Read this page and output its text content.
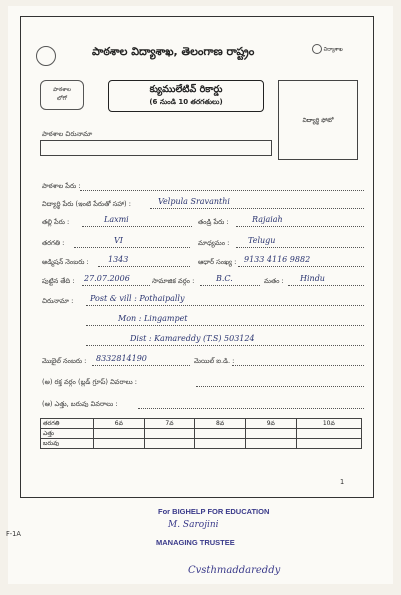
పాఠశాల విద్యాశాఖ, తెలంగాణ రాష్ట్రం	విద్యాశాఖ
పాఠశాల
లోగో
క్యుములేటివ్ రికార్డు
(6 నుండి 10 తరగతులు)
విద్యార్థి ఫోటో
పాఠశాల చిరునామా
పాఠశాల పేరు :
విద్యార్థి పేరు (ఇంటి పేరుతో సహా) :	Velpula Sravanthi
తల్లి పేరు :	Laxmi	తండ్రి పేరు :	Rajaiah
తరగతి :	VI	మాధ్యమం : Telugu
అడ్మిషన్ నెంబరు : 1343	ఆధార్ సంఖ్య : 9133 4116 9882
పుట్టిన తేది : 27.07.2006	సామాజిక వర్గం :	B.C.	మతం : Hindu
చిరునామా : Post & vill : Pothaipally
Mon : Lingampet
Dist : Kamareddy (T.S) 503124
మొబైల్ నంబరు : 8332814190	మెయిల్ ఐ.డి. :
(అ) రక్త వర్గం (బ్లడ్ గ్రూప్) వివరాలు :
(ఆ) ఎత్తు, బరువు వివరాలు :
తరగతి	6వ	7వ	8వ	9వ	10వ
ఎత్తు					
బరువు					
1
F-1A
For BIGHELP FOR EDUCATION
M. Sarojini
MANAGING TRUSTEE
Cvsthmaddareddy
